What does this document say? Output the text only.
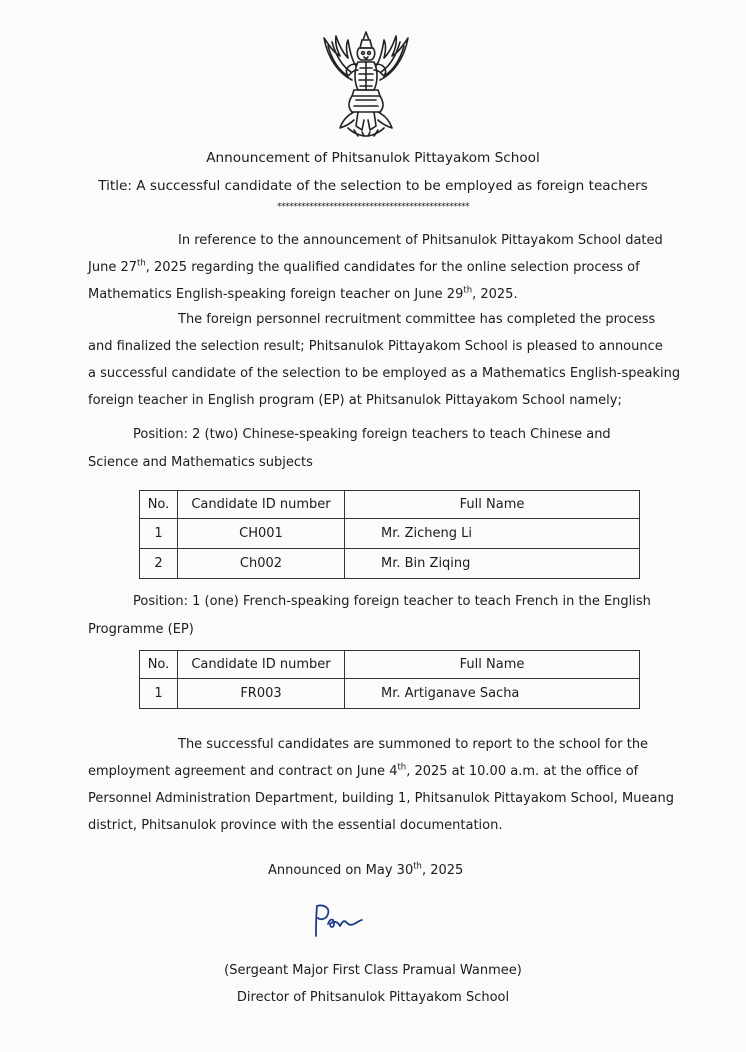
Announcement of Phitsanulok Pittayakom School
Title: A successful candidate of the selection to be employed as foreign teachers
************************************************

In reference to the announcement of Phitsanulok Pittayakom School dated
June 27th, 2025 regarding the qualified candidates for the online selection process of
Mathematics English-speaking foreign teacher on June 29th, 2025.

The foreign personnel recruitment committee has completed the process
and finalized the selection result; Phitsanulok Pittayakom School is pleased to announce
a successful candidate of the selection to be employed as a Mathematics English-speaking
foreign teacher in English program (EP) at Phitsanulok Pittayakom School namely;

Position: 2 (two) Chinese-speaking foreign teachers to teach Chinese and
Science and Mathematics subjects

No.	Candidate ID number	Full Name
1	CH001	Mr. Zicheng Li
2	Ch002	Mr. Bin Ziqing

Position: 1 (one) French-speaking foreign teacher to teach French in the English
Programme (EP)

No.	Candidate ID number	Full Name
1	FR003	Mr. Artiganave Sacha

The successful candidates are summoned to report to the school for the
employment agreement and contract on June 4th, 2025 at 10.00 a.m. at the office of
Personnel Administration Department, building 1, Phitsanulok Pittayakom School, Mueang
district, Phitsanulok province with the essential documentation.

Announced on May 30th, 2025
(Sergeant Major First Class Pramual Wanmee)
Director of Phitsanulok Pittayakom School
